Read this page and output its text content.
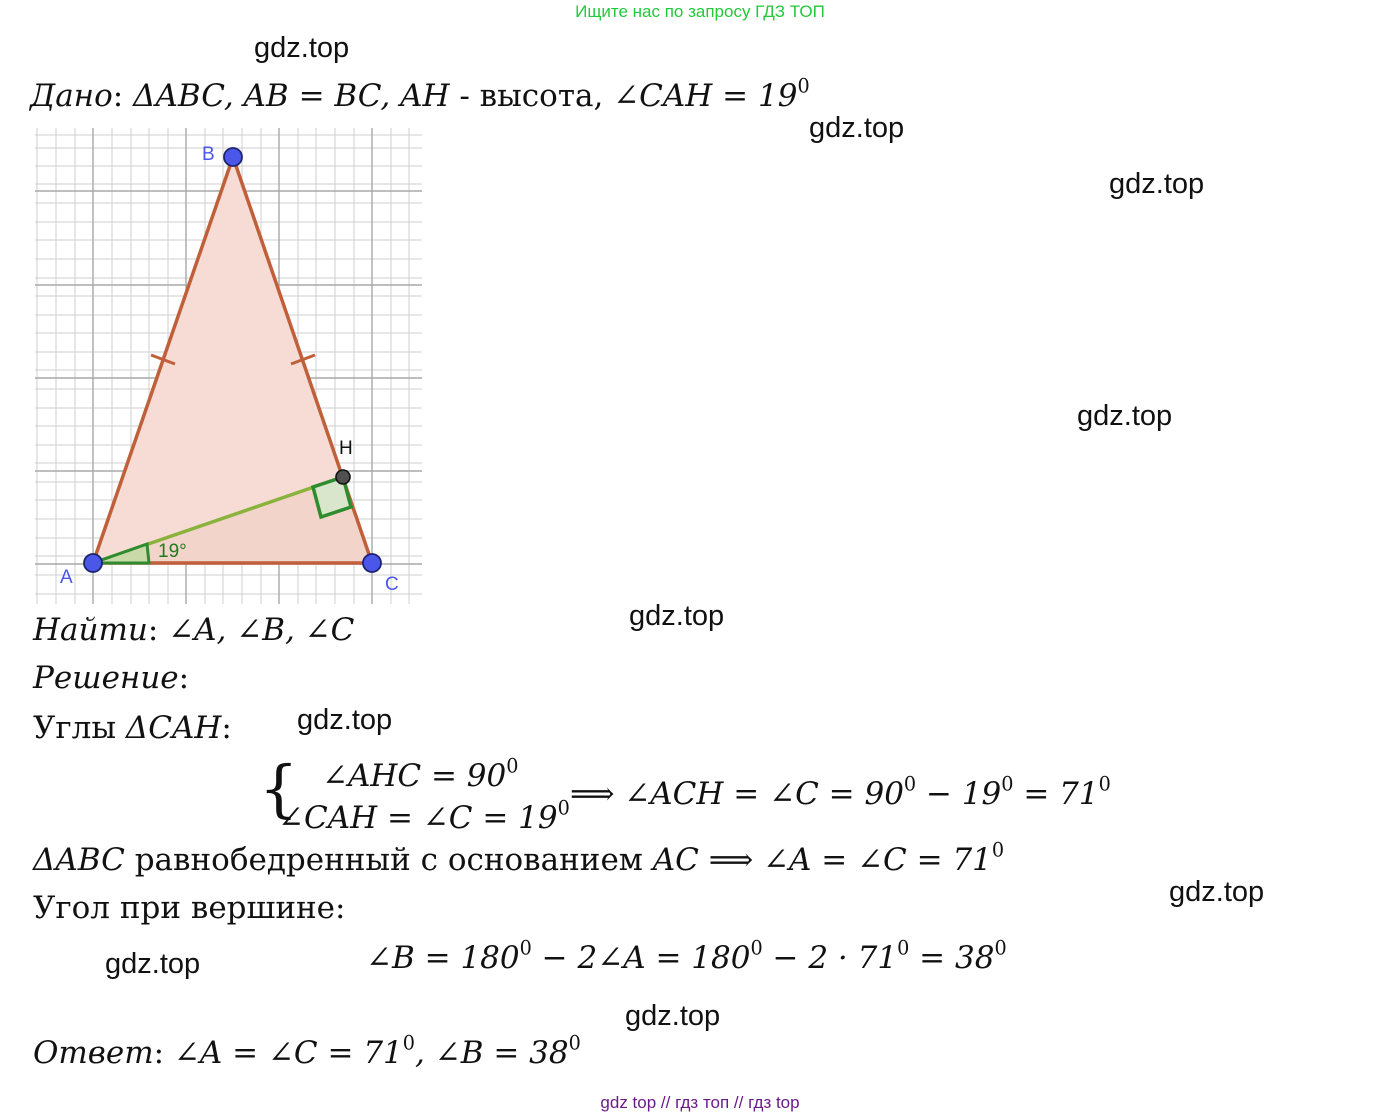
Ищите нас по запросу ГДЗ ТОП
gdz.top
gdz.top
gdz.top
gdz.top
gdz.top
gdz.top
gdz.top
gdz.top
gdz.top
Дано: ΔABC, AB = BC, AH - высота, ∠CAH = $19^0$
19°
B
A	C
H
Найти: ∠A, ∠B, ∠C
Решение:
Углы ΔCAH:
{ ∠AHC = $90^0$
∠CAH = ∠C = $19^0$ ⟹ ∠ACH = ∠C = $90^0 - 19^0 = 71^0$
ΔABC равнобедренный с основанием AC ⟹ ∠A = ∠C = $71^0$
Угол при вершине:
∠B = $180^0$ − 2∠A = $180^0 - 2 \cdot 71^0 = 38^0$
Ответ: ∠A = ∠C = $71^0$, ∠B = $38^0$
gdz top // гдз топ // гдз top
